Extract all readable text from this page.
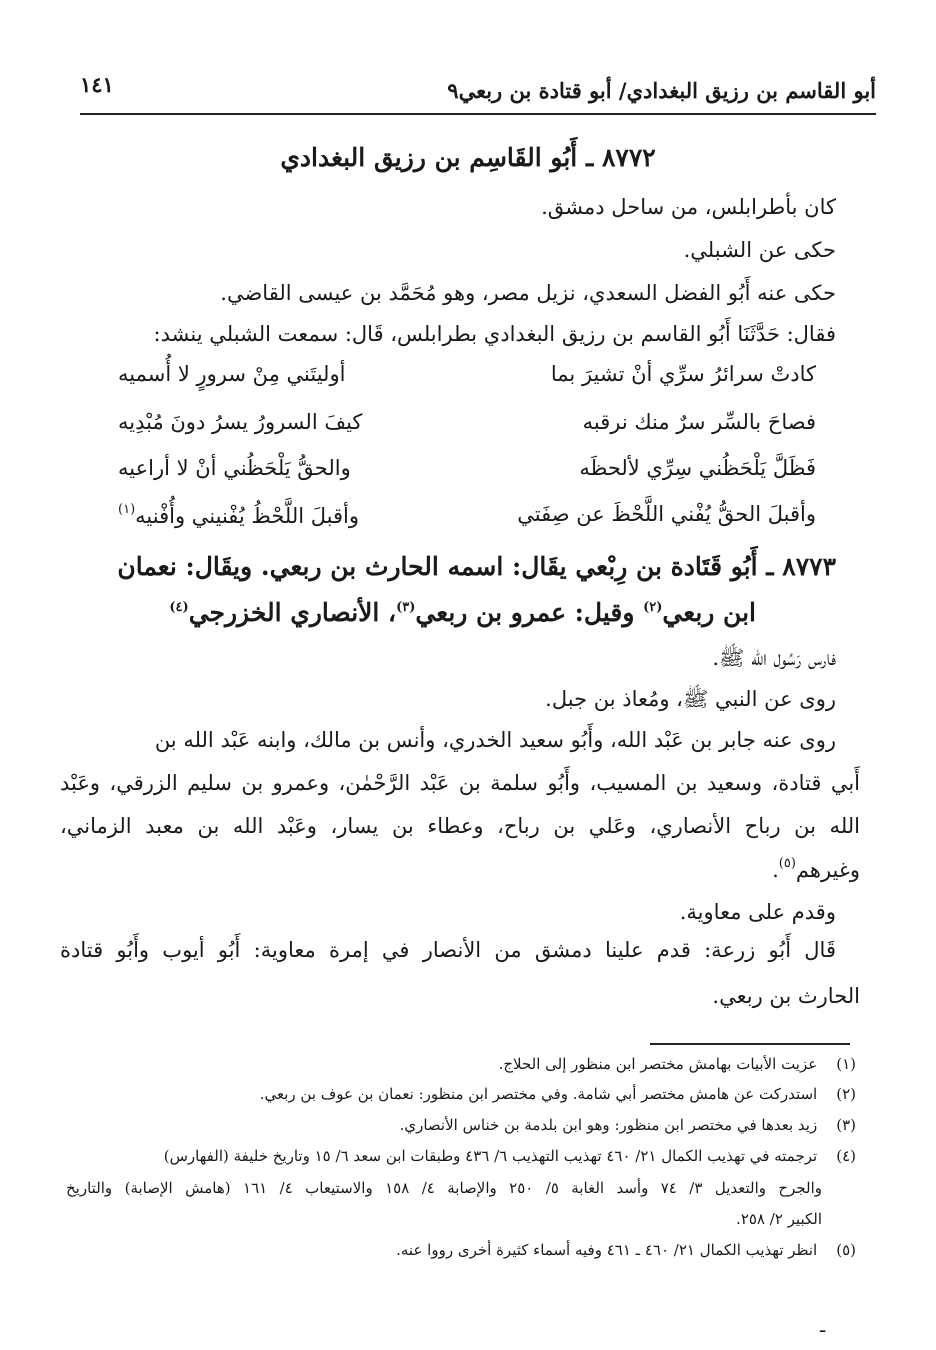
١٤١	أبو القاسم بن رزيق البغدادي/ أبو قتادة بن ربعي٩
٨٧٧٢ ـ أَبُو القَاسِم بن رزيق البغدادي
كان بأطرابلس، من ساحل دمشق.
حكى عن الشبلي.
حكى عنه أَبُو الفضل السعدي، نزيل مصر، وهو مُحَمَّد بن عيسى القاضي.
فقال: حَدَّثَنَا أَبُو القاسم بن رزيق البغدادي بطرابلس، قَال: سمعت الشبلي ينشد:
كادتْ سرائرُ سرِّي أنْ تشيرَ بما
أوليتَني مِنْ سرورٍ لا أُسميه
فصاحَ بالسِّر سرٌ منك نرقبه
كيفَ السرورُ يسرُ دونَ مُبْدِيه
فَظَلَّ يَلْحَظُني سِرِّي لألحظَه
والحقُّ يَلْحَظُني أنْ لا أراعيه
وأقبلَ الحقُّ يُفْني اللَّحْظَ عن صِفَتي
وأقبلَ اللَّحْظُ يُفْنيني وأُفْنيه$^{(١)}$
٨٧٧٣ ـ أَبُو قَتَادة بن رِبْعي يقَال: اسمه الحارث بن ربعي. ويقَال: نعمان
ابن ربعي$^{(٢)}$ وقيل: عمرو بن ربعي$^{(٣)}$، الأنصاري الخزرجي$^{(٤)}$
فارس رَسُول الله ﷺ.
روى عن النبي ﷺ، ومُعاذ بن جبل.
روى عنه جابر بن عَبْد الله، وأَبُو سعيد الخدري، وأنس بن مالك، وابنه عَبْد الله بن
أَبي قتادة، وسعيد بن المسيب، وأَبُو سلمة بن عَبْد الرَّحْمٰن، وعمرو بن سليم الزرقي، وعَبْد
الله بن رباح الأنصاري، وعَلي بن رباح، وعطاء بن يسار، وعَبْد الله بن معبد الزماني،
وغيرهم$^{(٥)}$.
وقدم على معاوية.
قَال أَبُو زرعة: قدم علينا دمشق من الأنصار في إمرة معاوية: أَبُو أيوب وأَبُو قتادة
الحارث بن ربعي.
(١) عزيت الأبيات بهامش مختصر ابن منظور إلى الحلاج.
(٢) استدركت عن هامش مختصر أبي شامة. وفي مختصر ابن منظور: نعمان بن عوف بن ربعي.
(٣) زيد بعدها في مختصر ابن منظور: وهو ابن بلدمة بن خناس الأنصاري.
(٤) ترجمته في تهذيب الكمال ٢١/ ٤٦٠ تهذيب التهذيب ٦/ ٤٣٦ وطبقات ابن سعد ٦/ ١٥ وتاريخ خليفة (الفهارس)
والجرح والتعديل ٣/ ٧٤ وأسد الغابة ٥/ ٢٥٠ والإصابة ٤/ ١٥٨ والاستيعاب ٤/ ١٦١ (هامش الإصابة) والتاريخ
الكبير ٢/ ٢٥٨.
(٥) انظر تهذيب الكمال ٢١/ ٤٦٠ ـ ٤٦١ وفيه أسماء كثيرة أخرى رووا عنه.
ـ
